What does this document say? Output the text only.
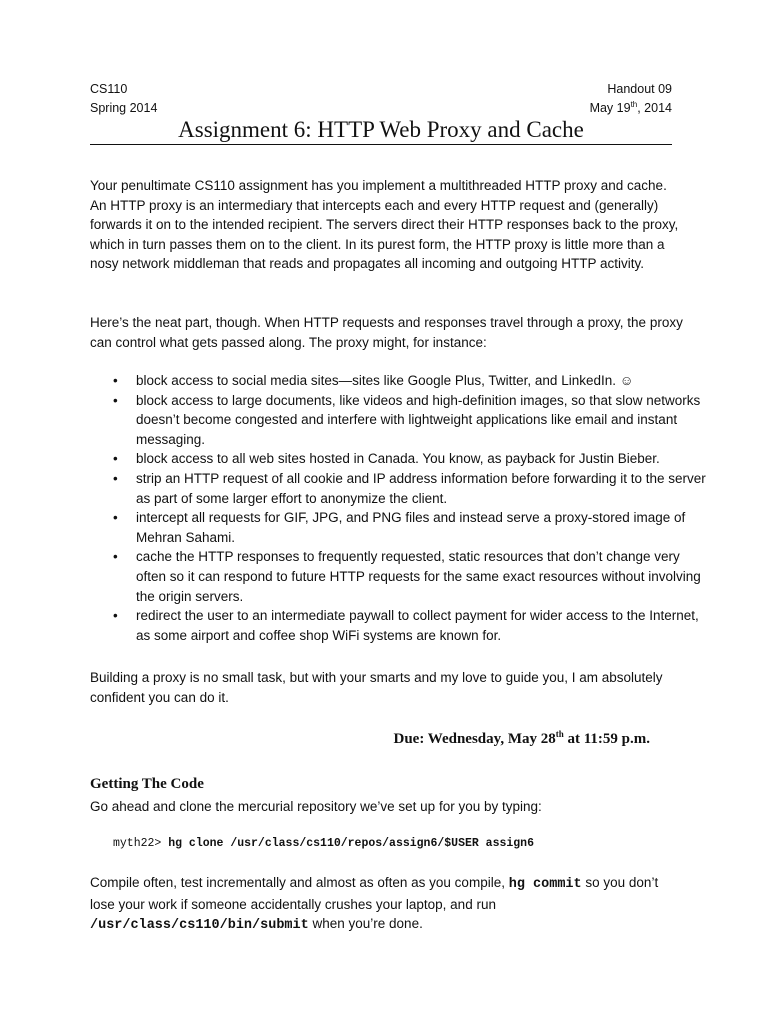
CS110
Spring 2014
Handout 09
May 19th, 2014
Assignment 6: HTTP Web Proxy and Cache

Your penultimate CS110 assignment has you implement a multithreaded HTTP proxy and cache. An HTTP proxy is an intermediary that intercepts each and every HTTP request and (generally) forwards it on to the intended recipient. The servers direct their HTTP responses back to the proxy, which in turn passes them on to the client. In its purest form, the HTTP proxy is little more than a nosy network middleman that reads and propagates all incoming and outgoing HTTP activity.

Here’s the neat part, though. When HTTP requests and responses travel through a proxy, the proxy can control what gets passed along. The proxy might, for instance:

• block access to social media sites—sites like Google Plus, Twitter, and LinkedIn. ☺
• block access to large documents, like videos and high-definition images, so that slow networks doesn’t become congested and interfere with lightweight applications like email and instant messaging.
• block access to all web sites hosted in Canada. You know, as payback for Justin Bieber.
• strip an HTTP request of all cookie and IP address information before forwarding it to the server as part of some larger effort to anonymize the client.
• intercept all requests for GIF, JPG, and PNG files and instead serve a proxy-stored image of Mehran Sahami.
• cache the HTTP responses to frequently requested, static resources that don’t change very often so it can respond to future HTTP requests for the same exact resources without involving the origin servers.
• redirect the user to an intermediate paywall to collect payment for wider access to the Internet, as some airport and coffee shop WiFi systems are known for.

Building a proxy is no small task, but with your smarts and my love to guide you, I am absolutely confident you can do it.

Due: Wednesday, May 28th at 11:59 p.m.
Getting The Code

Go ahead and clone the mercurial repository we’ve set up for you by typing:

myth22> hg clone /usr/class/cs110/repos/assign6/$USER assign6

Compile often, test incrementally and almost as often as you compile, hg commit so you don’t lose your work if someone accidentally crushes your laptop, and run /usr/class/cs110/bin/submit when you’re done.
